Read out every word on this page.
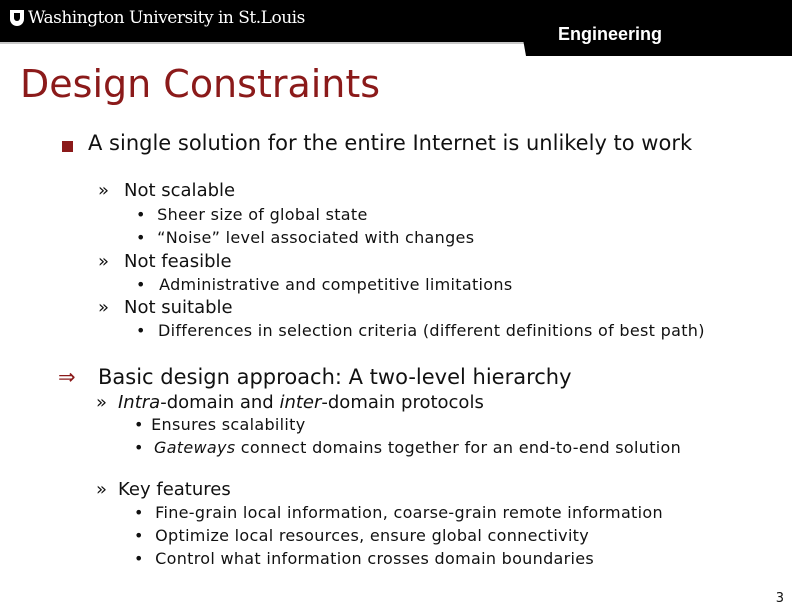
Washington University in St.Louis
Engineering
Design Constraints
A single solution for the entire Internet is unlikely to work
» Not scalable
• Sheer size of global state
• “Noise” level associated with changes
» Not feasible
• Administrative and competitive limitations
» Not suitable
• Differences in selection criteria (different definitions of best path)
⇒ Basic design approach: A two-level hierarchy
» Intra-domain and inter-domain protocols
• Ensures scalability
• Gateways connect domains together for an end-to-end solution
» Key features
• Fine-grain local information, coarse-grain remote information
• Optimize local resources, ensure global connectivity
• Control what information crosses domain boundaries
3
